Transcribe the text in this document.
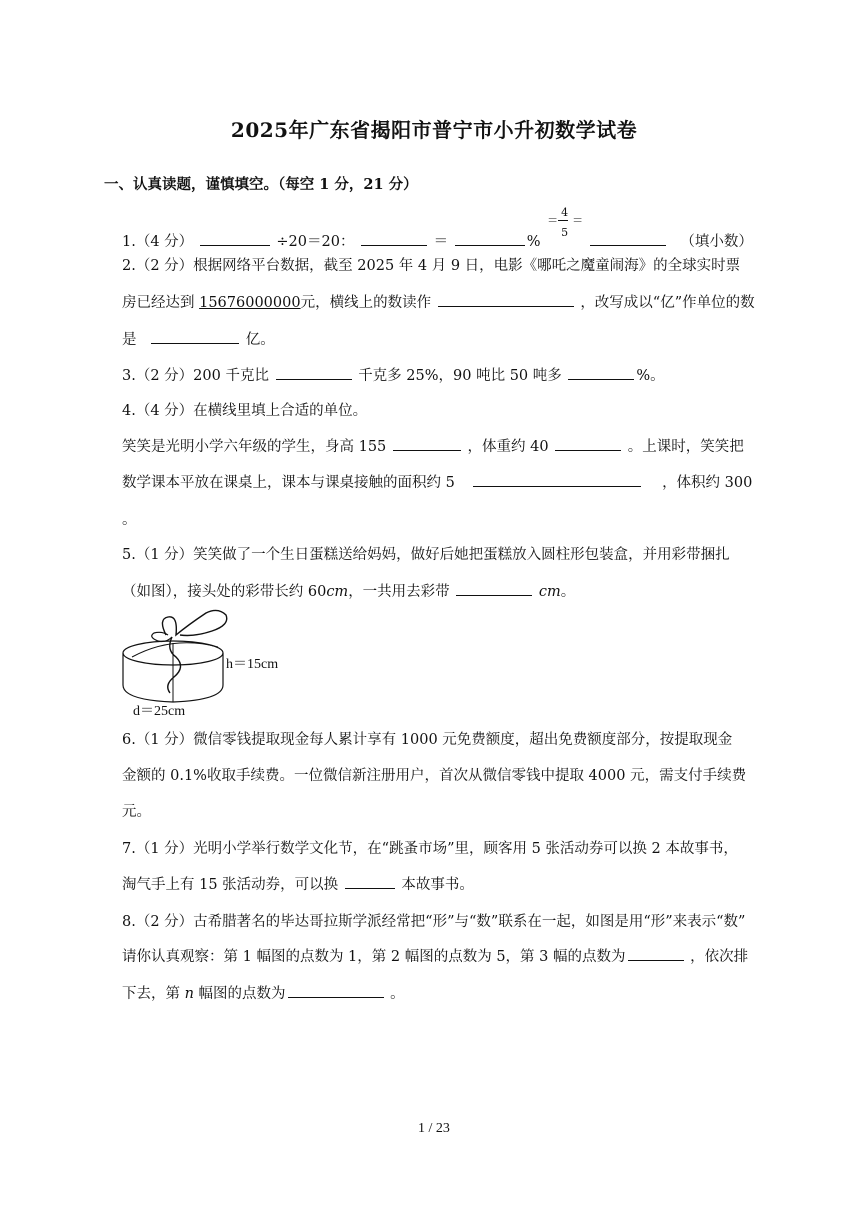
2025年广东省揭阳市普宁市小升初数学试卷
一、认真读题，谨慎填空。（每空 1 分，21 分）
1.（4 分）	÷20＝20：	＝	%
＝
4
5
＝
（填小数）
2.（2 分）根据网络平台数据，截至 2025 年 4 月 9 日，电影《哪吒之魔童闹海》的全球实时票
房已经达到 15676000000元，横线上的数读作	，改写成以“亿”作单位的数
是	亿。
3.（2 分）200 千克比	千克多 25%，90 吨比 50 吨多	%。
4.（4 分）在横线里填上合适的单位。
笑笑是光明小学六年级的学生，身高 155	，体重约 40	。上课时，笑笑把
数学课本平放在课桌上，课本与课桌接触的面积约 5	，体积约 300
。
5.（1 分）笑笑做了一个生日蛋糕送给妈妈，做好后她把蛋糕放入圆柱形包装盒，并用彩带捆扎
（如图），接头处的彩带长约 60cm，一共用去彩带	cm。
h＝15cm
d＝25cm
6.（1 分）微信零钱提取现金每人累计享有 1000 元免费额度，超出免费额度部分，按提取现金
金额的 0.1%收取手续费。一位微信新注册用户，首次从微信零钱中提取 4000 元，需支付手续费
元。
7.（1 分）光明小学举行数学文化节，在“跳蚤市场”里，顾客用 5 张活动券可以换 2 本故事书，
淘气手上有 15 张活动券，可以换	本故事书。
8.（2 分）古希腊著名的毕达哥拉斯学派经常把“形”与“数”联系在一起，如图是用“形”来表示“数”
请你认真观察：第 1 幅图的点数为 1，第 2 幅图的点数为 5，第 3 幅的点数为	，依次排
下去，第 n 幅图的点数为	。
1 / 23
